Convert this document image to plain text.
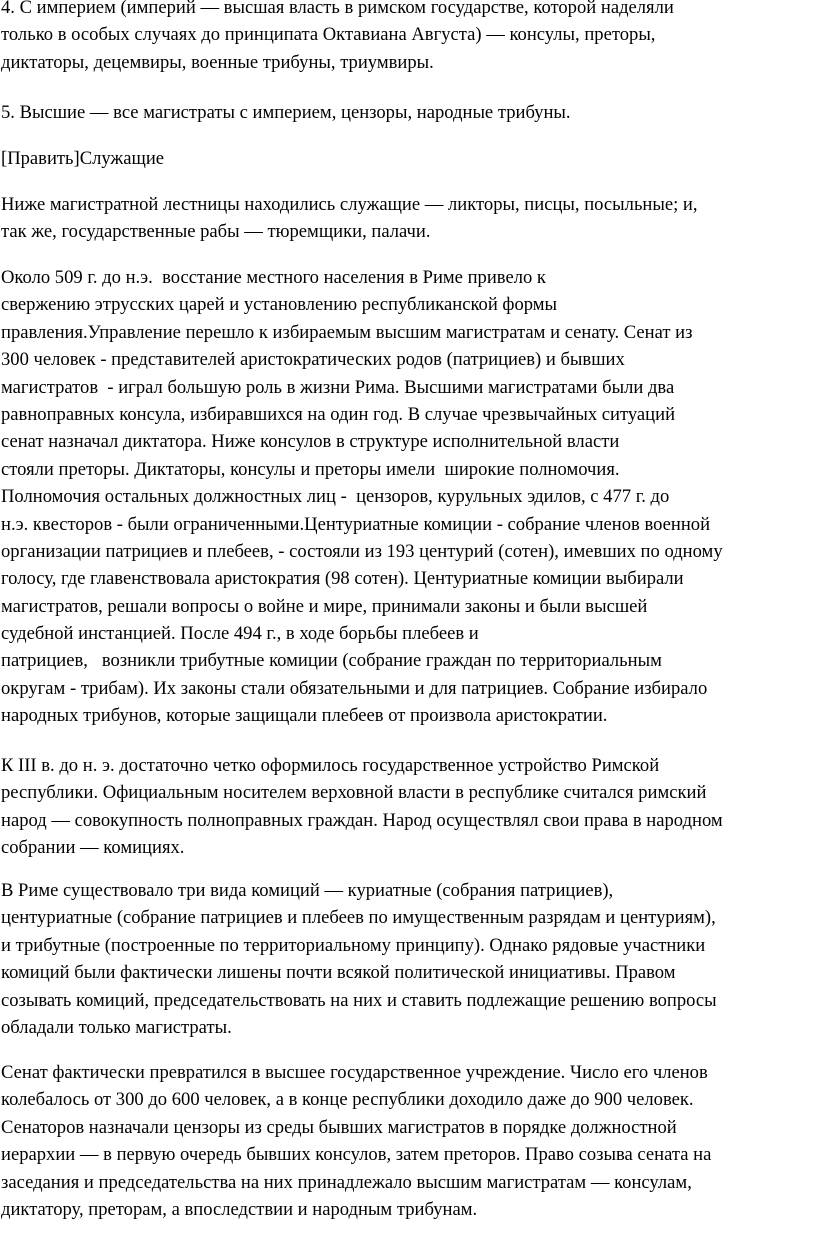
4. С империем (империй — высшая власть в римском государстве, которой наделяли
только в особых случаях до принципата Октавиана Августа) — консулы, преторы,
диктаторы, децемвиры, военные трибуны, триумвиры.
5. Высшие — все магистраты с империем, цензоры, народные трибуны.
[Править]Служащие
Ниже магистратной лестницы находились служащие — ликторы, писцы, посыльные; и,
так же, государственные рабы — тюремщики, палачи.
Около 509 г. до н.э.  восстание местного населения в Риме привело к
свержению этрусских царей и установлению республиканской формы
правления.Управление перешло к избираемым высшим магистратам и сенату. Сенат из
300 человек - представителей аристократических родов (патрициев) и бывших
магистратов  - играл большую роль в жизни Рима. Высшими магистратами были два
равноправных консула, избиравшихся на один год. В случае чрезвычайных ситуаций
сенат назначал диктатора. Ниже консулов в структуре исполнительной власти
стояли преторы. Диктаторы, консулы и преторы имели  широкие полномочия.
Полномочия остальных должностных лиц -  цензоров, курульных эдилов, с 477 г. до
н.э. квесторов - были ограниченными.Центуриатные комиции - собрание членов военной
организации патрициев и плебеев, - состояли из 193 центурий (сотен), имевших по одному
голосу, где главенствовала аристократия (98 сотен). Центуриатные комиции выбирали
магистратов, решали вопросы о войне и мире, принимали законы и были высшей
судебной инстанцией. После 494 г., в ходе борьбы плебеев и
патрициев,   возникли трибутные комиции (собрание граждан по территориальным
округам - трибам). Их законы стали обязательными и для патрициев. Собрание избирало
народных трибунов, которые защищали плебеев от произвола аристократии.
К III в. до н. э. достаточно четко оформилось государственное устройство Римской
республики. Официальным носителем верховной власти в республике считался римский
народ — совокупность полноправных граждан. Народ осуществлял свои права в народном
собрании — комициях.
В Риме существовало три вида комиций — куриатные (собрания патрициев),
центуриатные (собрание патрициев и плебеев по имущественным разрядам и центуриям),
и трибутные (построенные по территориальному принципу). Однако рядовые участники
комиций были фактически лишены почти всякой политической инициативы. Правом
созывать комиций, председательствовать на них и ставить подлежащие решению вопросы
обладали только магистраты.
Сенат фактически превратился в высшее государственное учреждение. Число его членов
колебалось от 300 до 600 человек, а в конце республики доходило даже до 900 человек.
Сенаторов назначали цензоры из среды бывших магистратов в порядке должностной
иерархии — в первую очередь бывших консулов, затем преторов. Право созыва сената на
заседания и председательства на них принадлежало высшим магистратам — консулам,
диктатору, преторам, а впоследствии и народным трибунам.
